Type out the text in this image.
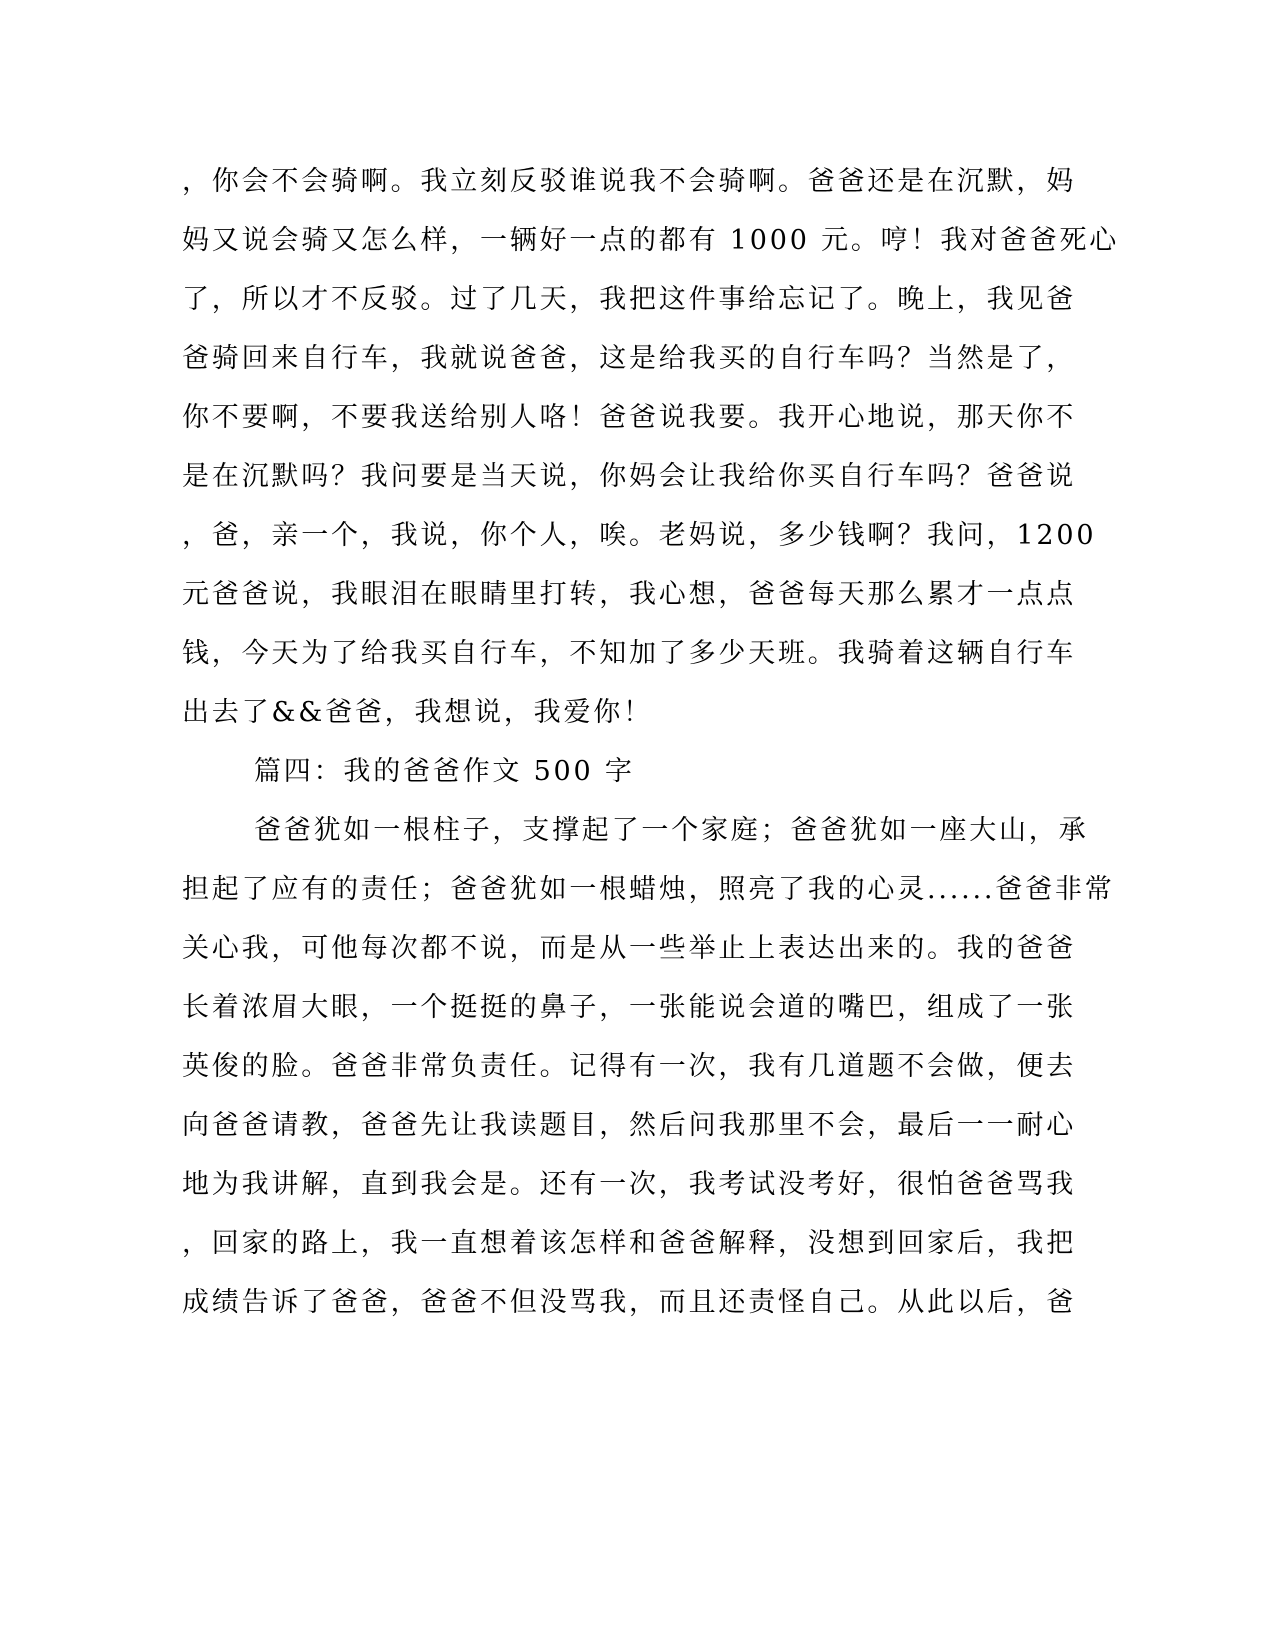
，你会不会骑啊。我立刻反驳谁说我不会骑啊。爸爸还是在沉默，妈
妈又说会骑又怎么样，一辆好一点的都有 1000 元。哼！我对爸爸死心
了，所以才不反驳。过了几天，我把这件事给忘记了。晚上，我见爸
爸骑回来自行车，我就说爸爸，这是给我买的自行车吗？当然是了，
你不要啊，不要我送给别人咯！爸爸说我要。我开心地说，那天你不
是在沉默吗？我问要是当天说，你妈会让我给你买自行车吗？爸爸说
，爸，亲一个，我说，你个人，唉。老妈说，多少钱啊？我问，1200
元爸爸说，我眼泪在眼睛里打转，我心想，爸爸每天那么累才一点点
钱，今天为了给我买自行车，不知加了多少天班。我骑着这辆自行车
出去了&&爸爸，我想说，我爱你！
篇四：我的爸爸作文 500 字
爸爸犹如一根柱子，支撑起了一个家庭；爸爸犹如一座大山，承
担起了应有的责任；爸爸犹如一根蜡烛，照亮了我的心灵......爸爸非常
关心我，可他每次都不说，而是从一些举止上表达出来的。我的爸爸
长着浓眉大眼，一个挺挺的鼻子，一张能说会道的嘴巴，组成了一张
英俊的脸。爸爸非常负责任。记得有一次，我有几道题不会做，便去
向爸爸请教，爸爸先让我读题目，然后问我那里不会，最后一一耐心
地为我讲解，直到我会是。还有一次，我考试没考好，很怕爸爸骂我
，回家的路上，我一直想着该怎样和爸爸解释，没想到回家后，我把
成绩告诉了爸爸，爸爸不但没骂我，而且还责怪自己。从此以后，爸
